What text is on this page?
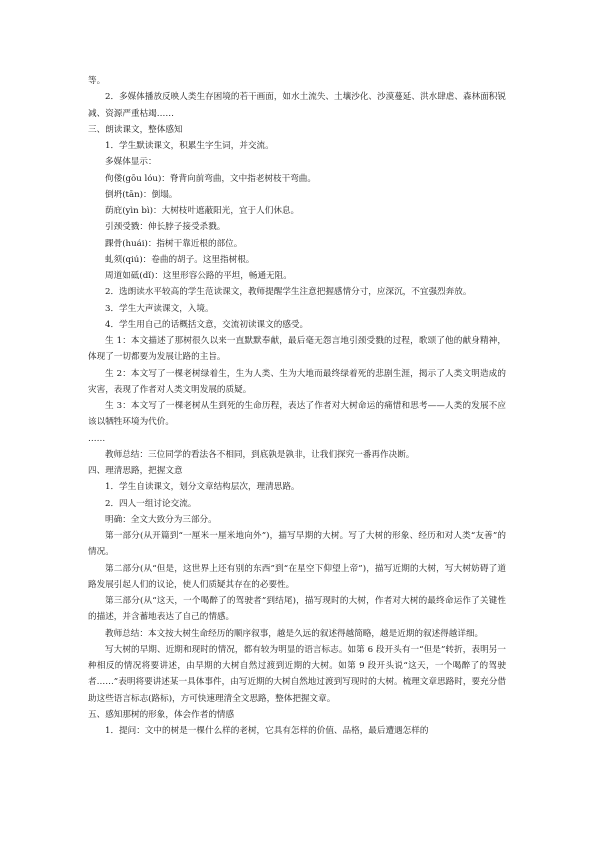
等。

2．多媒体播放反映人类生存困境的若干画面，如水土流失、土壤沙化、沙漠蔓延、洪水肆虐、森林面积锐减、资源严重枯竭……

三、朗读课文，整体感知

1．学生默读课文，积累生字生词，并交流。

多媒体显示：

佝偻(gōu lóu)：脊背向前弯曲，文中指老树枝干弯曲。

倒坍(tān)：倒塌。

荫庇(yìn bì)：大树枝叶遮蔽阳光，宜于人们休息。

引颈受戮：伸长脖子接受杀戮。

踝骨(huái)：指树干靠近根的部位。

虬须(qiú)：卷曲的胡子。这里指树根。

周道如砥(dǐ)：这里形容公路的平坦，畅通无阻。

2．选朗读水平较高的学生范读课文，教师提醒学生注意把握感情分寸，应深沉，不宜强烈奔放。

3．学生大声读课文，入境。

4．学生用自己的话概括文意，交流初读课文的感受。

生 1：本文描述了那树很久以来一直默默奉献，最后毫无怨言地引颈受戮的过程，歌颂了他的献身精神，体现了一切都要为发展让路的主旨。

生 2：本文写了一棵老树绿着生，生为人类、生为大地而最终绿着死的悲剧生涯，揭示了人类文明造成的灾害，表现了作者对人类文明发展的质疑。

生 3：本文写了一棵老树从生到死的生命历程，表达了作者对大树命运的痛惜和思考——人类的发展不应该以牺牲环境为代价。

……

教师总结：三位同学的看法各不相同，到底孰是孰非，让我们探究一番再作决断。

四、理清思路，把握文意

1．学生自读课文，划分文章结构层次，理清思路。

2．四人一组讨论交流。

明确：全文大致分为三部分。

第一部分(从开篇到“一厘米一厘米地向外”)，描写早期的大树。写了大树的形象、经历和对人类“友善”的情况。

第二部分(从“但是，这世界上还有别的东西”到“在星空下仰望上帝”)，描写近期的大树，写大树妨碍了道路发展引起人们的议论，使人们质疑其存在的必要性。

第三部分(从“这天，一个喝醉了的驾驶者”到结尾)，描写现时的大树，作者对大树的最终命运作了关键性的描述，并含蓄地表达了自己的情感。

教师总结：本文按大树生命经历的顺序叙事，越是久远的叙述得越简略，越是近期的叙述得越详细。

写大树的早期、近期和现时的情况，都有较为明显的语言标志。如第 6 段开头有一“但是”转折，表明另一种相反的情况将要讲述，由早期的大树自然过渡到近期的大树。如第 9 段开头说“这天，一个喝醉了的驾驶者……”表明将要讲述某一具体事件，由写近期的大树自然地过渡到写现时的大树。梳理文章思路时，要充分借助这些语言标志(路标)，方可快速理清全文思路，整体把握文章。

五、感知那树的形象，体会作者的情感

1．提问：文中的树是一棵什么样的老树，它具有怎样的价值、品格，最后遭遇怎样的
